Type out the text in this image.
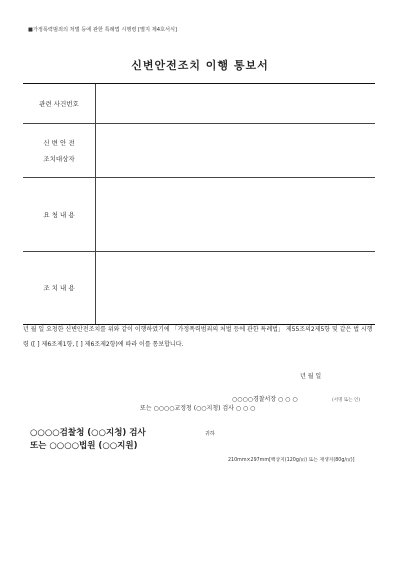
■가정폭력범죄의 처벌 등에 관한 특례법 시행령 [별지 제4호서식]
신변안전조치 이행 통보서
관련 사건번호
신 변 안 전
조치대상자
요 청 내 용
조 치 내 용
년 월 일 요청한 신변안전조치를 위와 같이 이행하였기에 「가정폭력범죄의 처벌 등에 관한 특례법」 제55조의2제5항 및 같은 법 시행령 ([ ] 제6조제1항, [ ] 제6조제2항)에 따라 이를 통보합니다.
년 월 일
○○○○경찰서장 ○ ○ ○
또는 ○○○○교정청 (○○지청) 검사 ○ ○ ○
(서명 또는 인)
○○○○검찰청 (○○지청) 검사
또는 ○○○○법원 (○○지원)
귀하
210mm×297mm[백상지(120g/㎡) 또는 재생지(80g/㎡)]
